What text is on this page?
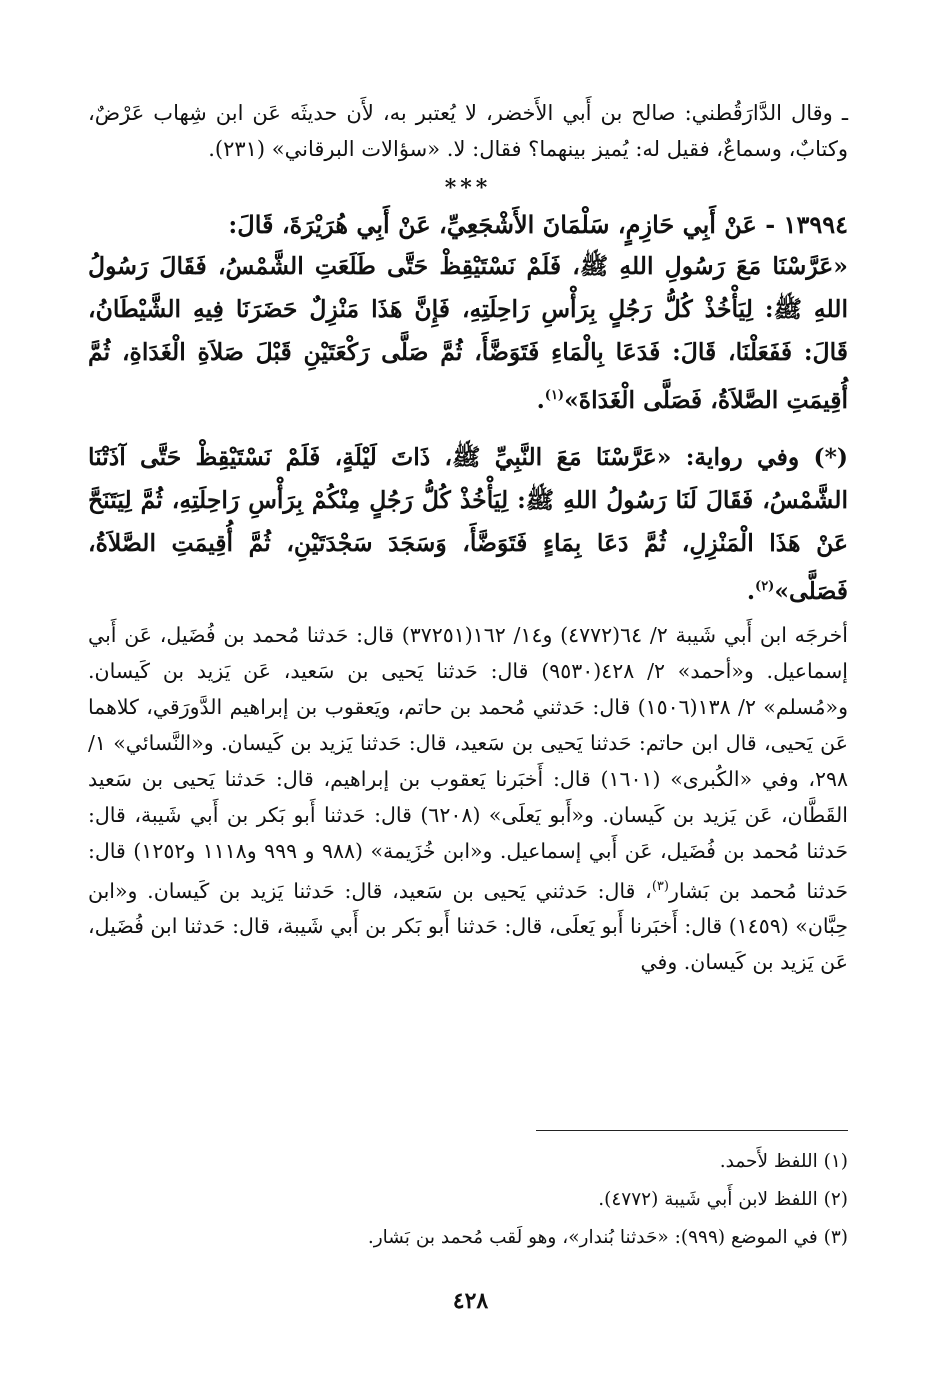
ـ وقال الدَّارَقُطني: صالح بن أَبي الأَخضر، لا يُعتبر به، لأَن حديثَه عَن ابن شِهاب عَرْضٌ، وكتابٌ، وسماعٌ، فقيل له: يُميز بينهما؟ فقال: لا. «سؤالات البرقاني» (٢٣١).

***

١٣٩٩٤ - عَنْ أَبِي حَازِمٍ، سَلْمَانَ الأَشْجَعِيِّ، عَنْ أَبِي هُرَيْرَةَ، قَالَ:

«عَرَّسْنَا مَعَ رَسُولِ اللهِ ﷺ، فَلَمْ نَسْتَيْقِظْ حَتَّى طَلَعَتِ الشَّمْسُ، فَقَالَ رَسُولُ اللهِ ﷺ: لِيَأْخُذْ كُلُّ رَجُلٍ بِرَأْسِ رَاحِلَتِهِ، فَإِنَّ هَذَا مَنْزِلٌ حَضَرَنَا فِيهِ الشَّيْطَانُ، قَالَ: فَفَعَلْنَا، قَالَ: فَدَعَا بِالْمَاءِ فَتَوَضَّأَ، ثُمَّ صَلَّى رَكْعَتَيْنِ قَبْلَ صَلاَةِ الْغَدَاةِ، ثُمَّ أُقِيمَتِ الصَّلاَةُ، فَصَلَّى الْغَدَاةَ»$^{(١)}$.

(*) وفي رواية: «عَرَّسْنَا مَعَ النَّبِيِّ ﷺ، ذَاتَ لَيْلَةٍ، فَلَمْ نَسْتَيْقِظْ حَتَّى آذَتْنَا الشَّمْسُ، فَقَالَ لَنَا رَسُولُ اللهِ ﷺ: لِيَأْخُذْ كُلُّ رَجُلٍ مِنْكُمْ بِرَأْسِ رَاحِلَتِهِ، ثُمَّ لِيَتَنَحَّ عَنْ هَذَا الْمَنْزِلِ، ثُمَّ دَعَا بِمَاءٍ فَتَوَضَّأَ، وَسَجَدَ سَجْدَتَيْنِ، ثُمَّ أُقِيمَتِ الصَّلاَةُ، فَصَلَّى»$^{(٢)}$.

أخرجَه ابن أَبي شَيبة ٢/ ٦٤(٤٧٧٢) و١٤/ ١٦٢(٣٧٢٥١) قال: حَدثنا مُحمد بن فُضَيل، عَن أَبي إسماعيل. و«أحمد» ٢/ ٤٢٨(٩٥٣٠) قال: حَدثنا يَحيى بن سَعيد، عَن يَزيد بن كَيسان. و«مُسلم» ٢/ ١٣٨(١٥٠٦) قال: حَدثني مُحمد بن حاتم، ويَعقوب بن إبراهيم الدَّورَقي، كلاهما عَن يَحيى، قال ابن حاتم: حَدثنا يَحيى بن سَعيد، قال: حَدثنا يَزيد بن كَيسان. و«النَّسائي» ١/ ٢٩٨، وفي «الكُبرى» (١٦٠١) قال: أَخبَرنا يَعقوب بن إبراهيم، قال: حَدثنا يَحيى بن سَعيد القَطَّان، عَن يَزيد بن كَيسان. و«أَبو يَعلَى» (٦٢٠٨) قال: حَدثنا أَبو بَكر بن أَبي شَيبة، قال: حَدثنا مُحمد بن فُضَيل، عَن أَبي إسماعيل. و«ابن خُزَيمة» (٩٨٨ و ٩٩٩ و١١١٨ و١٢٥٢) قال: حَدثنا مُحمد بن بَشار$^{(٣)}$، قال: حَدثني يَحيى بن سَعيد، قال: حَدثنا يَزيد بن كَيسان. و«ابن حِبَّان» (١٤٥٩) قال: أَخبَرنا أَبو يَعلَى، قال: حَدثنا أَبو بَكر بن أَبي شَيبة، قال: حَدثنا ابن فُضَيل، عَن يَزيد بن كَيسان. وفي

(١) اللفظ لأَحمد.
(٢) اللفظ لابن أَبي شَيبة (٤٧٧٢).
(٣) في الموضع (٩٩٩): «حَدثنا بُندار»، وهو لَقب مُحمد بن بَشار.
٤٢٨
